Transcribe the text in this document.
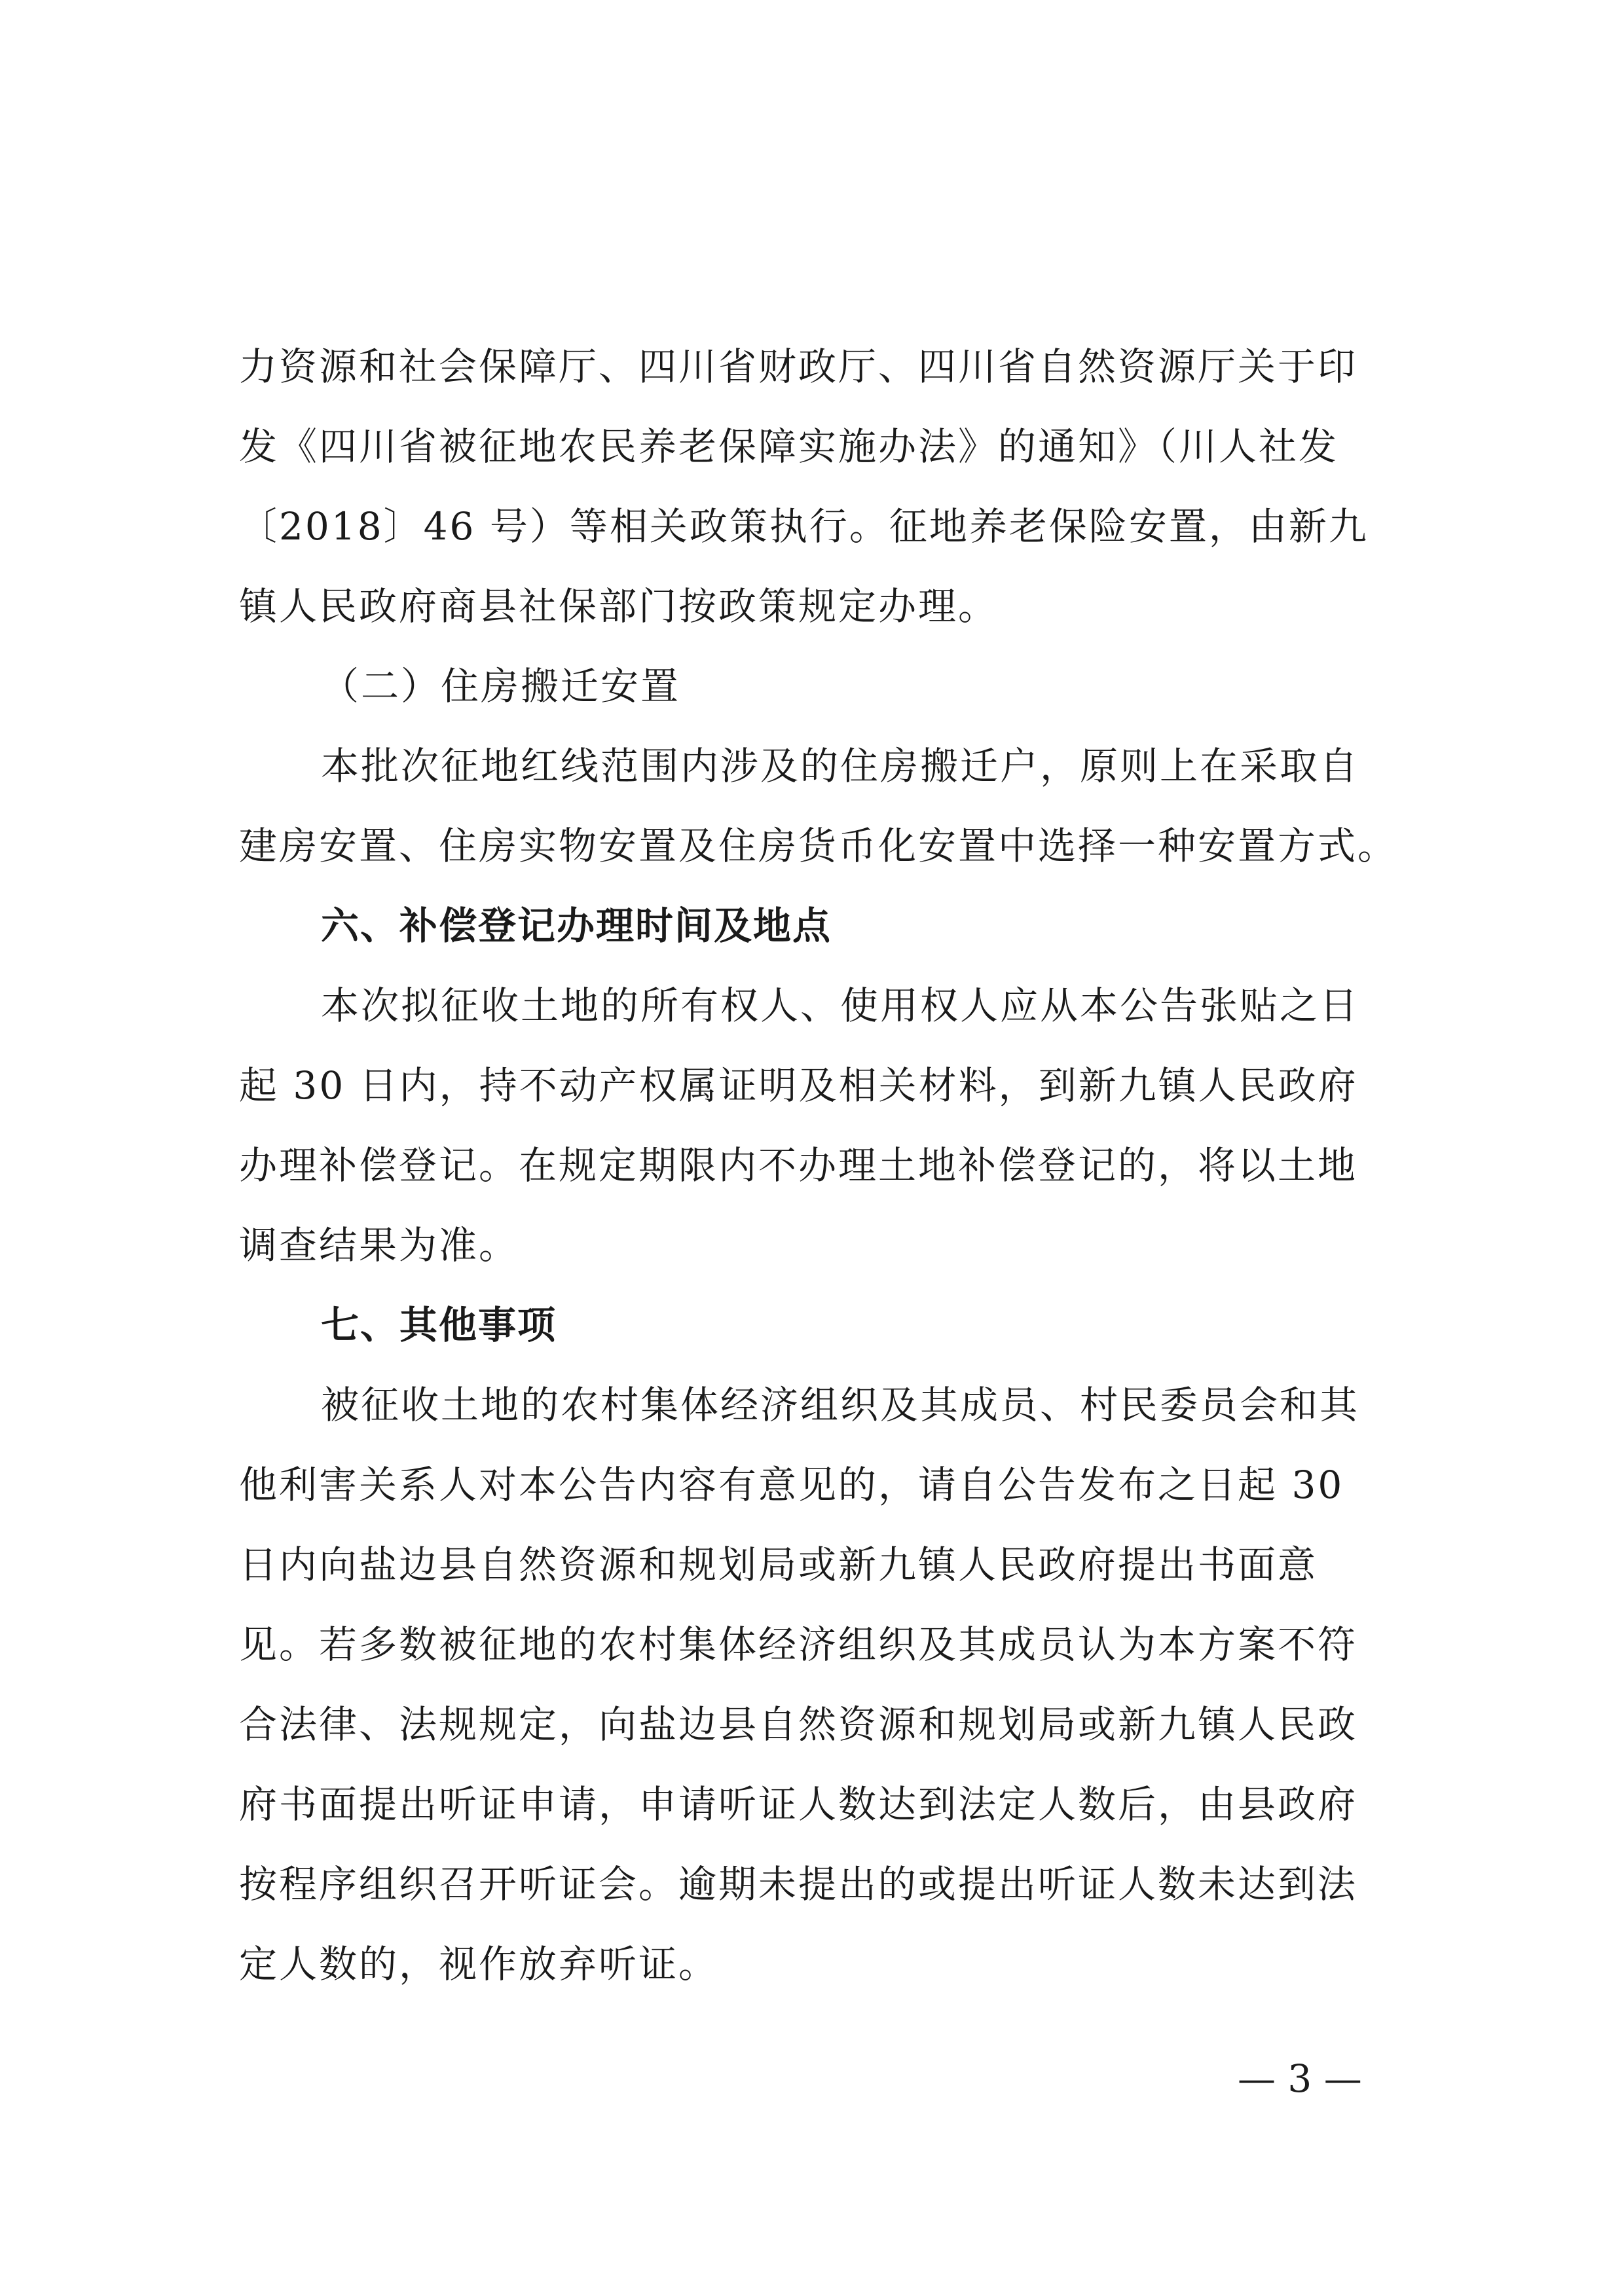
力资源和社会保障厅、四川省财政厅、四川省自然资源厅关于印
发《四川省被征地农民养老保障实施办法》的通知》（川人社发
〔2018〕46 号）等相关政策执行。征地养老保险安置，由新九
镇人民政府商县社保部门按政策规定办理。
（二）住房搬迁安置
本批次征地红线范围内涉及的住房搬迁户，原则上在采取自
建房安置、住房实物安置及住房货币化安置中选择一种安置方式。
六、补偿登记办理时间及地点
本次拟征收土地的所有权人、使用权人应从本公告张贴之日
起 30 日内，持不动产权属证明及相关材料，到新九镇人民政府
办理补偿登记。在规定期限内不办理土地补偿登记的，将以土地
调查结果为准。
七、其他事项
被征收土地的农村集体经济组织及其成员、村民委员会和其
他利害关系人对本公告内容有意见的，请自公告发布之日起 30
日内向盐边县自然资源和规划局或新九镇人民政府提出书面意
见。若多数被征地的农村集体经济组织及其成员认为本方案不符
合法律、法规规定，向盐边县自然资源和规划局或新九镇人民政
府书面提出听证申请，申请听证人数达到法定人数后，由县政府
按程序组织召开听证会。逾期未提出的或提出听证人数未达到法
定人数的，视作放弃听证。
— 3 —
